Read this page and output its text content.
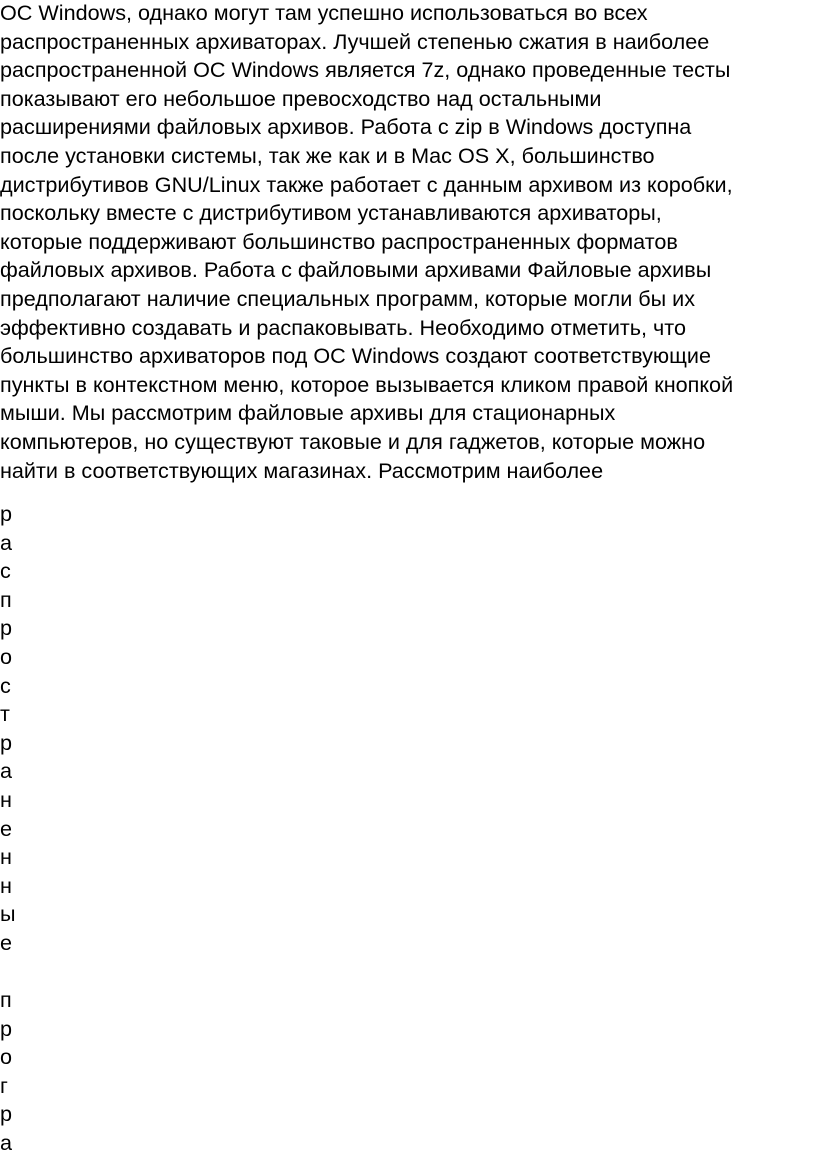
ОС Windows, однако могут там успешно использоваться во всех
распространенных архиваторах. Лучшей степенью сжатия в наиболее
распространенной ОС Windows является 7z, однако проведенные тесты
показывают его небольшое превосходство над остальными
расширениями файловых архивов. Работа с zip в Windows доступна
после установки системы, так же как и в Mac OS X, большинство
дистрибутивов GNU/Linux также работает с данным архивом из коробки,
поскольку вместе с дистрибутивом устанавливаются архиваторы,
которые поддерживают большинство распространенных форматов
файловых архивов. Работа с файловыми архивами Файловые архивы
предполагают наличие специальных программ, которые могли бы их
эффективно создавать и распаковывать. Необходимо отметить, что
большинство архиваторов под ОС Windows создают соответствующие
пункты в контекстном меню, которое вызывается кликом правой кнопкой
мыши. Мы рассмотрим файловые архивы для стационарных
компьютеров, но существуют таковые и для гаджетов, которые можно
найти в соответствующих магазинах. Рассмотрим наиболее
р
а
с
п
р
о
с
т
р
а
н
е
н
н
ы
е
п
р
о
г
р
а
